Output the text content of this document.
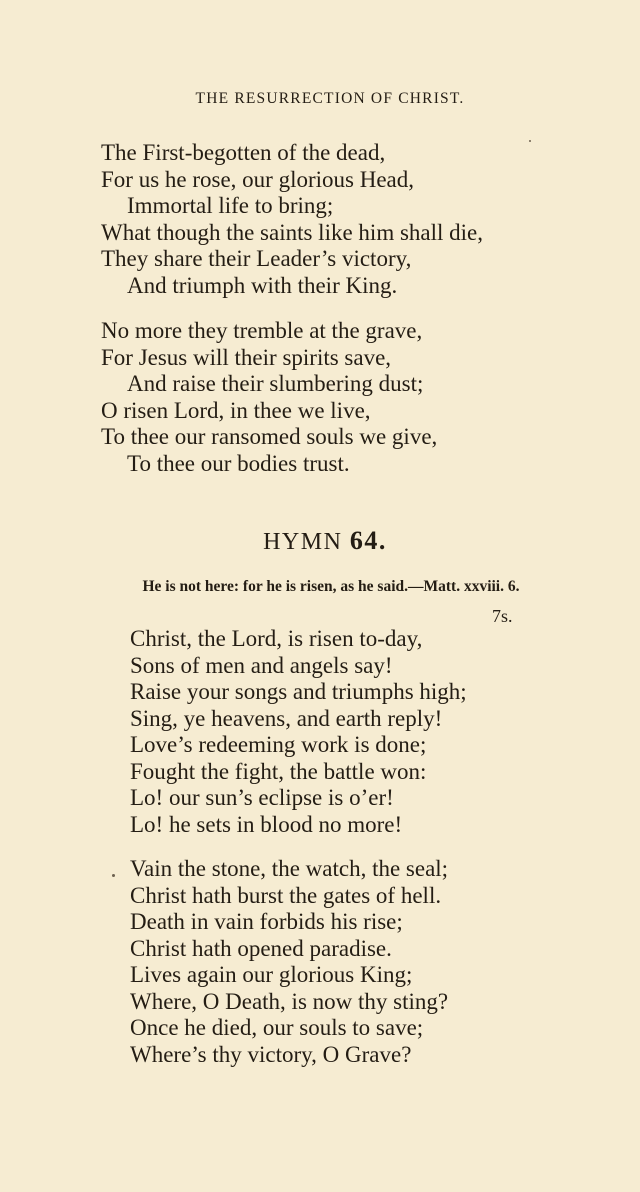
THE RESURRECTION OF CHRIST.
The First-begotten of the dead,
For us he rose, our glorious Head,
Immortal life to bring;
What though the saints like him shall die,
They share their Leader’s victory,
And triumph with their King.
No more they tremble at the grave,
For Jesus will their spirits save,
And raise their slumbering dust;
O risen Lord, in thee we live,
To thee our ransomed souls we give,
To thee our bodies trust.
HYMN 64.
He is not here: for he is risen, as he said.—Matt. xxviii. 6.
7s.
Christ, the Lord, is risen to-day,
Sons of men and angels say!
Raise your songs and triumphs high;
Sing, ye heavens, and earth reply!
Love’s redeeming work is done;
Fought the fight, the battle won:
Lo! our sun’s eclipse is o’er!
Lo! he sets in blood no more!
Vain the stone, the watch, the seal;
Christ hath burst the gates of hell.
Death in vain forbids his rise;
Christ hath opened paradise.
Lives again our glorious King;
Where, O Death, is now thy sting?
Once he died, our souls to save;
Where’s thy victory, O Grave?
